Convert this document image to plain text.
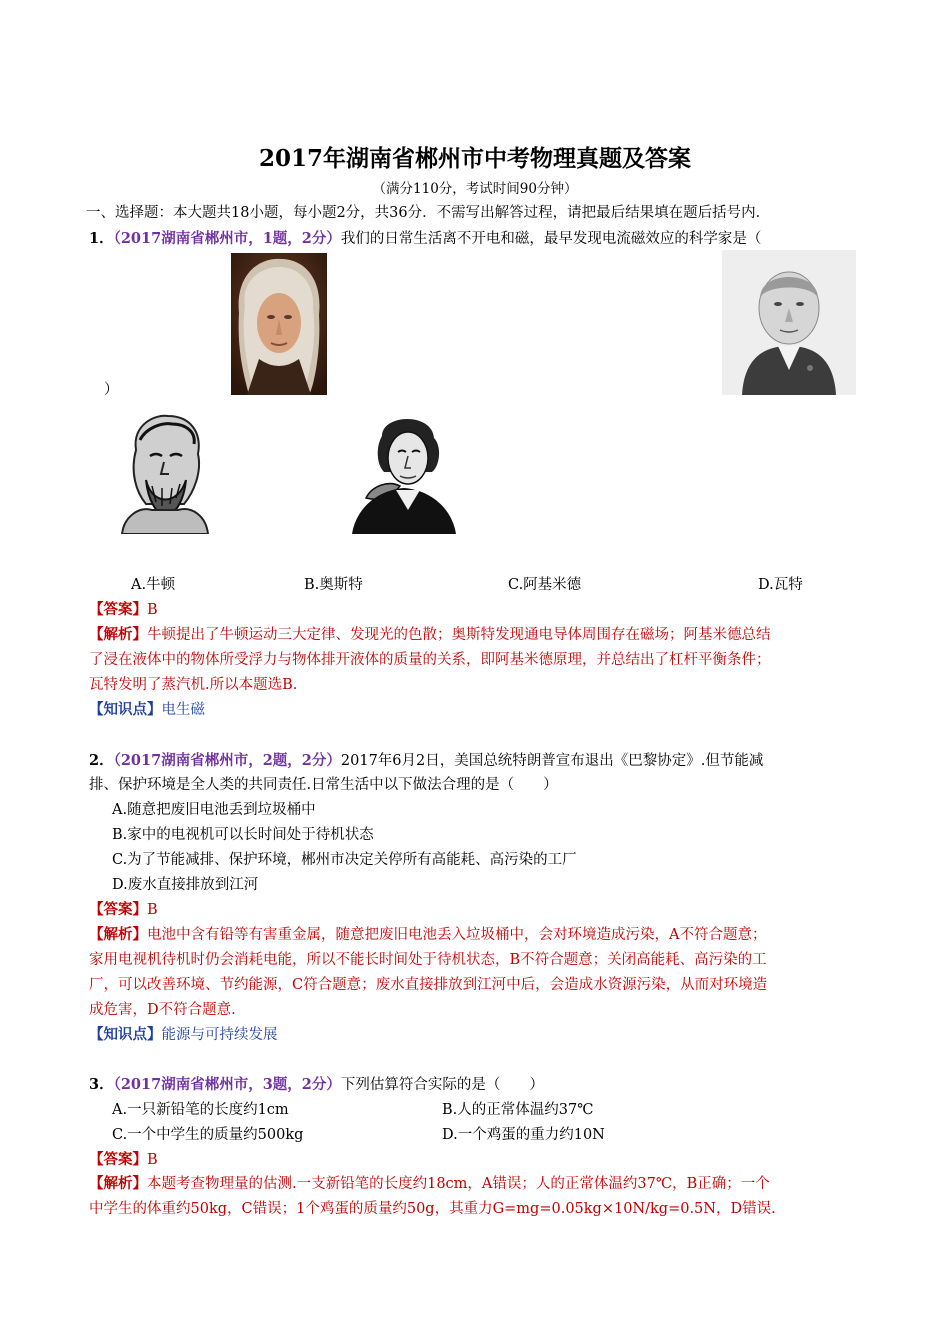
2017年湖南省郴州市中考物理真题及答案
（满分110分，考试时间90分钟）
一、选择题：本大题共18小题，每小题2分，共36分．不需写出解答过程，请把最后结果填在题后括号内．
1．（2017湖南省郴州市，1题，2分）我们的日常生活离不开电和磁，最早发现电流磁效应的科学家是（
）
A.牛顿	B.奥斯特	C.阿基米德	D.瓦特
【答案】B
【解析】牛顿提出了牛顿运动三大定律、发现光的色散；奥斯特发现通电导体周围存在磁场；阿基米德总结
了浸在液体中的物体所受浮力与物体排开液体的质量的关系，即阿基米德原理，并总结出了杠杆平衡条件；
瓦特发明了蒸汽机.所以本题选B.
【知识点】电生磁
2．（2017湖南省郴州市，2题，2分）2017年6月2日，美国总统特朗普宣布退出《巴黎协定》.但节能减
排、保护环境是全人类的共同责任.日常生活中以下做法合理的是（　　）
A.随意把废旧电池丢到垃圾桶中
B.家中的电视机可以长时间处于待机状态
C.为了节能减排、保护环境，郴州市决定关停所有高能耗、高污染的工厂
D.废水直接排放到江河
【答案】B
【解析】电池中含有铅等有害重金属，随意把废旧电池丢入垃圾桶中，会对环境造成污染，A不符合题意；
家用电视机待机时仍会消耗电能，所以不能长时间处于待机状态，B不符合题意；关闭高能耗、高污染的工
厂，可以改善环境、节约能源，C符合题意；废水直接排放到江河中后，会造成水资源污染，从而对环境造
成危害，D不符合题意.
【知识点】能源与可持续发展
3．（2017湖南省郴州市，3题，2分）下列估算符合实际的是（　　）
A.一只新铅笔的长度约1cm	B.人的正常体温约37℃
C.一个中学生的质量约500kg	D.一个鸡蛋的重力约10N
【答案】B
【解析】本题考查物理量的估测.一支新铅笔的长度约18cm，A错误；人的正常体温约37℃，B正确；一个
中学生的体重约50kg，C错误；1个鸡蛋的质量约50g，其重力G=mg=0.05kg×10N/kg=0.5N，D错误.
